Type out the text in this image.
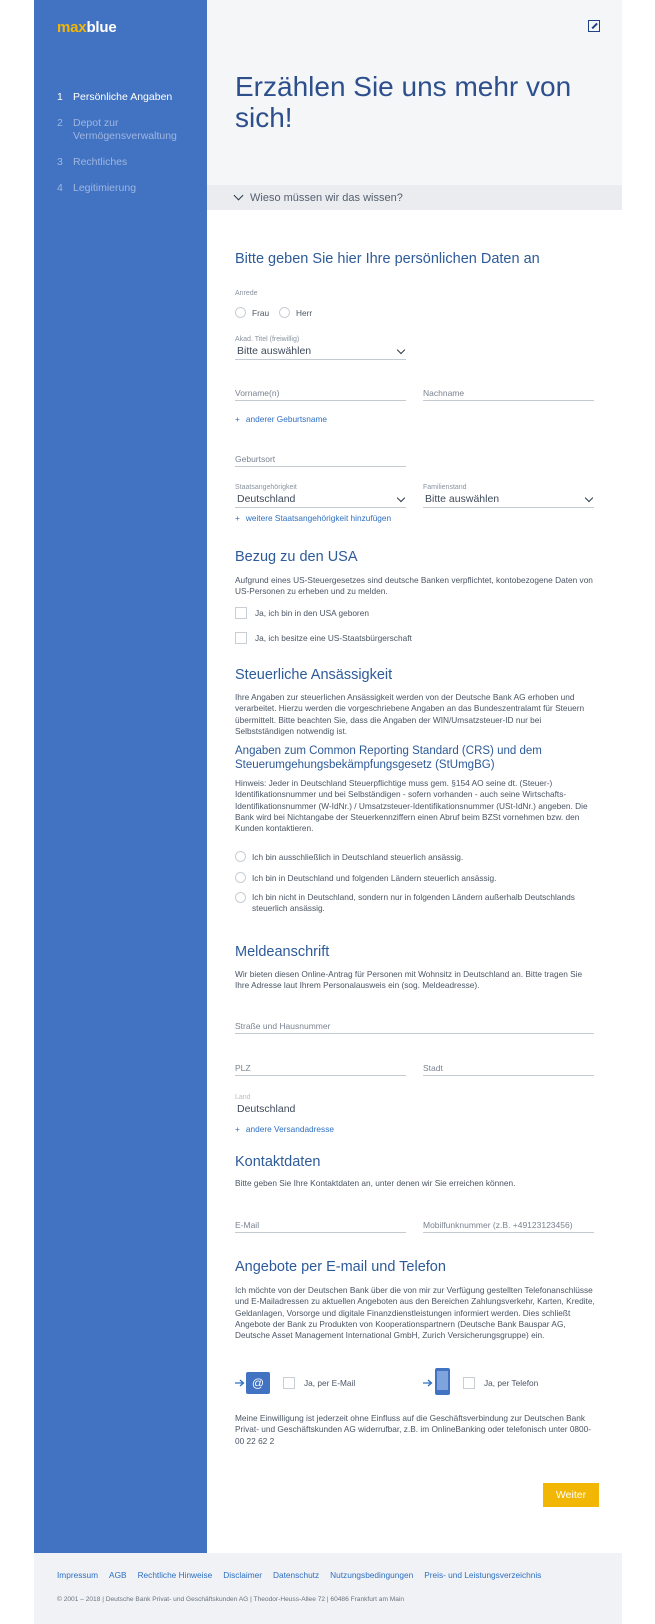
maxblue
1 Persönliche Angaben
2 Depot zur Vermögensverwaltung
3 Rechtliches
4 Legitimierung
Erzählen Sie uns mehr von sich!
Wieso müssen wir das wissen?
Bitte geben Sie hier Ihre persönlichen Daten an
Anrede
Frau	Herr
Akad. Titel (freiwillig)
Bitte auswählen
Vorname(n)	Nachname
+ anderer Geburtsname
Geburtsort
Staatsangehörigkeit
Deutschland
Familienstand
Bitte auswählen
+ weitere Staatsangehörigkeit hinzufügen
Bezug zu den USA
Aufgrund eines US-Steuergesetzes sind deutsche Banken verpflichtet, kontobezogene Daten von US-Personen zu erheben und zu melden.
Ja, ich bin in den USA geboren
Ja, ich besitze eine US-Staatsbürgerschaft
Steuerliche Ansässigkeit
Ihre Angaben zur steuerlichen Ansässigkeit werden von der Deutsche Bank AG erhoben und verarbeitet. Hierzu werden die vorgeschriebene Angaben an das Bundeszentralamt für Steuern übermittelt. Bitte beachten Sie, dass die Angaben der WIN/Umsatzsteuer-ID nur bei Selbstständigen notwendig ist.
Angaben zum Common Reporting Standard (CRS) und dem Steuerumgehungsbekämpfungsgesetz (StUmgBG)
Hinweis: Jeder in Deutschland Steuerpflichtige muss gem. §154 AO seine dt. (Steuer-) Identifikationsnummer und bei Selbständigen - sofern vorhanden - auch seine Wirtschafts-Identifikationsnummer (W-IdNr.) / Umsatzsteuer-Identifikationsnummer (USt-IdNr.) angeben. Die Bank wird bei Nichtangabe der Steuerkennziffern einen Abruf beim BZSt vornehmen bzw. den Kunden kontaktieren.
Ich bin ausschließlich in Deutschland steuerlich ansässig.
Ich bin in Deutschland und folgenden Ländern steuerlich ansässig.
Ich bin nicht in Deutschland, sondern nur in folgenden Ländern außerhalb Deutschlands steuerlich ansässig.
Meldeanschrift
Wir bieten diesen Online-Antrag für Personen mit Wohnsitz in Deutschland an. Bitte tragen Sie Ihre Adresse laut Ihrem Personalausweis ein (sog. Meldeadresse).
Straße und Hausnummer
PLZ	Stadt
Land
Deutschland
+ andere Versandadresse
Kontaktdaten
Bitte geben Sie Ihre Kontaktdaten an, unter denen wir Sie erreichen können.
E-Mail	Mobilfunknummer (z.B. +49123123456)
Angebote per E-mail und Telefon
Ich möchte von der Deutschen Bank über die von mir zur Verfügung gestellten Telefonanschlüsse und E-Mailadressen zu aktuellen Angeboten aus den Bereichen Zahlungsverkehr, Karten, Kredite, Geldanlagen, Vorsorge und digitale Finanzdienstleistungen informiert werden. Dies schließt Angebote der Bank zu Produkten von Kooperationspartnern (Deutsche Bank Bauspar AG, Deutsche Asset Management International GmbH, Zurich Versicherungsgruppe) ein.
@	Ja, per E-Mail	Ja, per Telefon
Meine Einwilligung ist jederzeit ohne Einfluss auf die Geschäftsverbindung zur Deutschen Bank Privat- und Geschäftskunden AG widerrufbar, z.B. im OnlineBanking oder telefonisch unter 0800-00 22 62 2
Weiter
Impressum AGB Rechtliche Hinweise Disclaimer Datenschutz Nutzungsbedingungen Preis- und Leistungsverzeichnis
© 2001 – 2018 | Deutsche Bank Privat- und Geschäftskunden AG | Theodor-Heuss-Allee 72 | 60486 Frankfurt am Main
